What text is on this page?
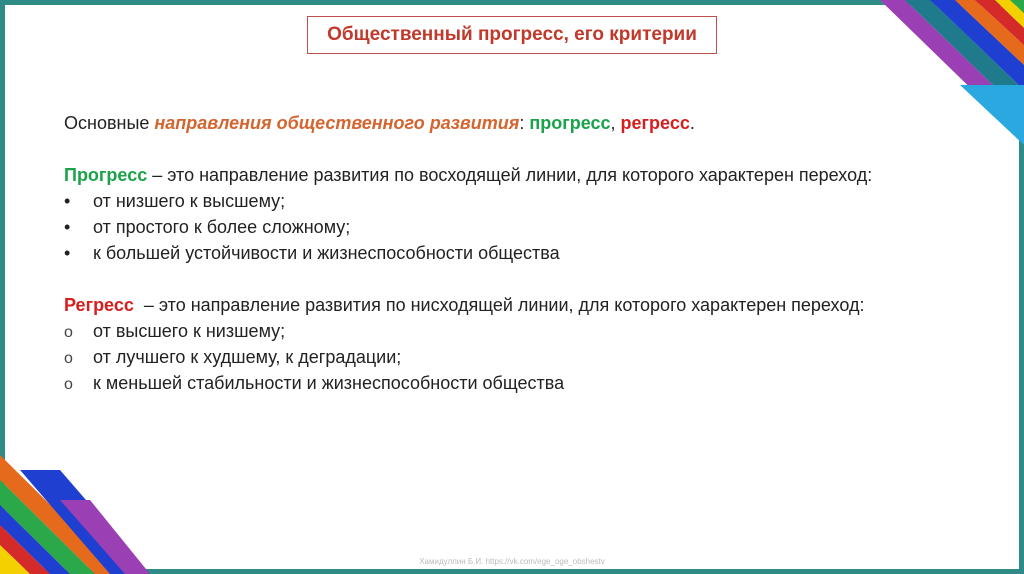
Общественный прогресс, его критерии
Основные направления общественного развития: прогресс, регресс.
Прогресс – это направление развития по восходящей линии, для которого характерен переход:
• от низшего к высшему;
• от простого к более сложному;
• к большей устойчивости и жизнеспособности общества
Регресс  – это направление развития по нисходящей линии, для которого характерен переход:
o от высшего к низшему;
o от лучшего к худшему, к деградации;
o к меньшей стабильности и жизнеспособности общества
Хамидуллин Б.И. https://vk.com/ege_oge_obshestv
